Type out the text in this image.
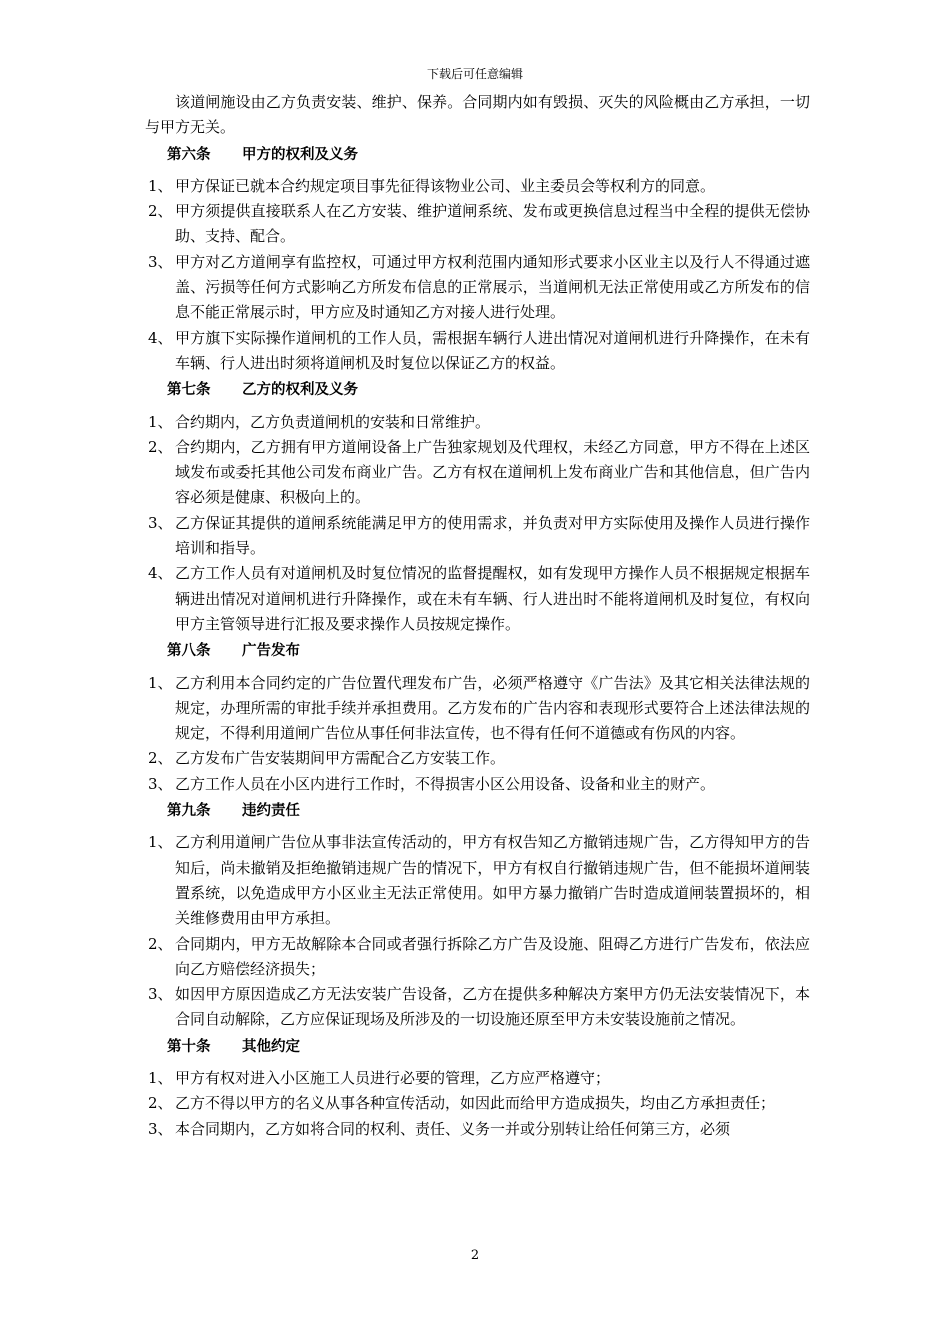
下载后可任意编辑

该道闸施设由乙方负责安装、维护、保养。合同期内如有毁损、灭失的风险概由乙方承担，一切与甲方无关。

第六条 甲方的权利及义务
1、 甲方保证已就本合约规定项目事先征得该物业公司、业主委员会等权利方的同意。
2、 甲方须提供直接联系人在乙方安装、维护道闸系统、发布或更换信息过程当中全程的提供无偿协助、支持、配合。
3、 甲方对乙方道闸享有监控权，可通过甲方权利范围内通知形式要求小区业主以及行人不得通过遮盖、污损等任何方式影响乙方所发布信息的正常展示，当道闸机无法正常使用或乙方所发布的信息不能正常展示时，甲方应及时通知乙方对接人进行处理。
4、 甲方旗下实际操作道闸机的工作人员，需根据车辆行人进出情况对道闸机进行升降操作，在未有车辆、行人进出时须将道闸机及时复位以保证乙方的权益。
第七条 乙方的权利及义务
1、 合约期内，乙方负责道闸机的安装和日常维护。
2、 合约期内，乙方拥有甲方道闸设备上广告独家规划及代理权，未经乙方同意，甲方不得在上述区域发布或委托其他公司发布商业广告。乙方有权在道闸机上发布商业广告和其他信息，但广告内容必须是健康、积极向上的。
3、 乙方保证其提供的道闸系统能满足甲方的使用需求，并负责对甲方实际使用及操作人员进行操作培训和指导。
4、 乙方工作人员有对道闸机及时复位情况的监督提醒权，如有发现甲方操作人员不根据规定根据车辆进出情况对道闸机进行升降操作，或在未有车辆、行人进出时不能将道闸机及时复位，有权向甲方主管领导进行汇报及要求操作人员按规定操作。
第八条 广告发布
1、 乙方利用本合同约定的广告位置代理发布广告，必须严格遵守《广告法》及其它相关法律法规的规定，办理所需的审批手续并承担费用。乙方发布的广告内容和表现形式要符合上述法律法规的规定，不得利用道闸广告位从事任何非法宣传，也不得有任何不道德或有伤风的内容。
2、 乙方发布广告安装期间甲方需配合乙方安装工作。
3、 乙方工作人员在小区内进行工作时，不得损害小区公用设备、设备和业主的财产。
第九条 违约责任
1、 乙方利用道闸广告位从事非法宣传活动的，甲方有权告知乙方撤销违规广告，乙方得知甲方的告知后，尚未撤销及拒绝撤销违规广告的情况下，甲方有权自行撤销违规广告，但不能损坏道闸装置系统，以免造成甲方小区业主无法正常使用。如甲方暴力撤销广告时造成道闸装置损坏的，相关维修费用由甲方承担。
2、 合同期内，甲方无故解除本合同或者强行拆除乙方广告及设施、阻碍乙方进行广告发布，依法应向乙方赔偿经济损失；
3、 如因甲方原因造成乙方无法安装广告设备，乙方在提供多种解决方案甲方仍无法安装情况下，本合同自动解除，乙方应保证现场及所涉及的一切设施还原至甲方未安装设施前之情况。
第十条 其他约定
1、 甲方有权对进入小区施工人员进行必要的管理，乙方应严格遵守；
2、 乙方不得以甲方的名义从事各种宣传活动，如因此而给甲方造成损失，均由乙方承担责任；
3、 本合同期内，乙方如将合同的权利、责任、义务一并或分别转让给任何第三方，必须
2
